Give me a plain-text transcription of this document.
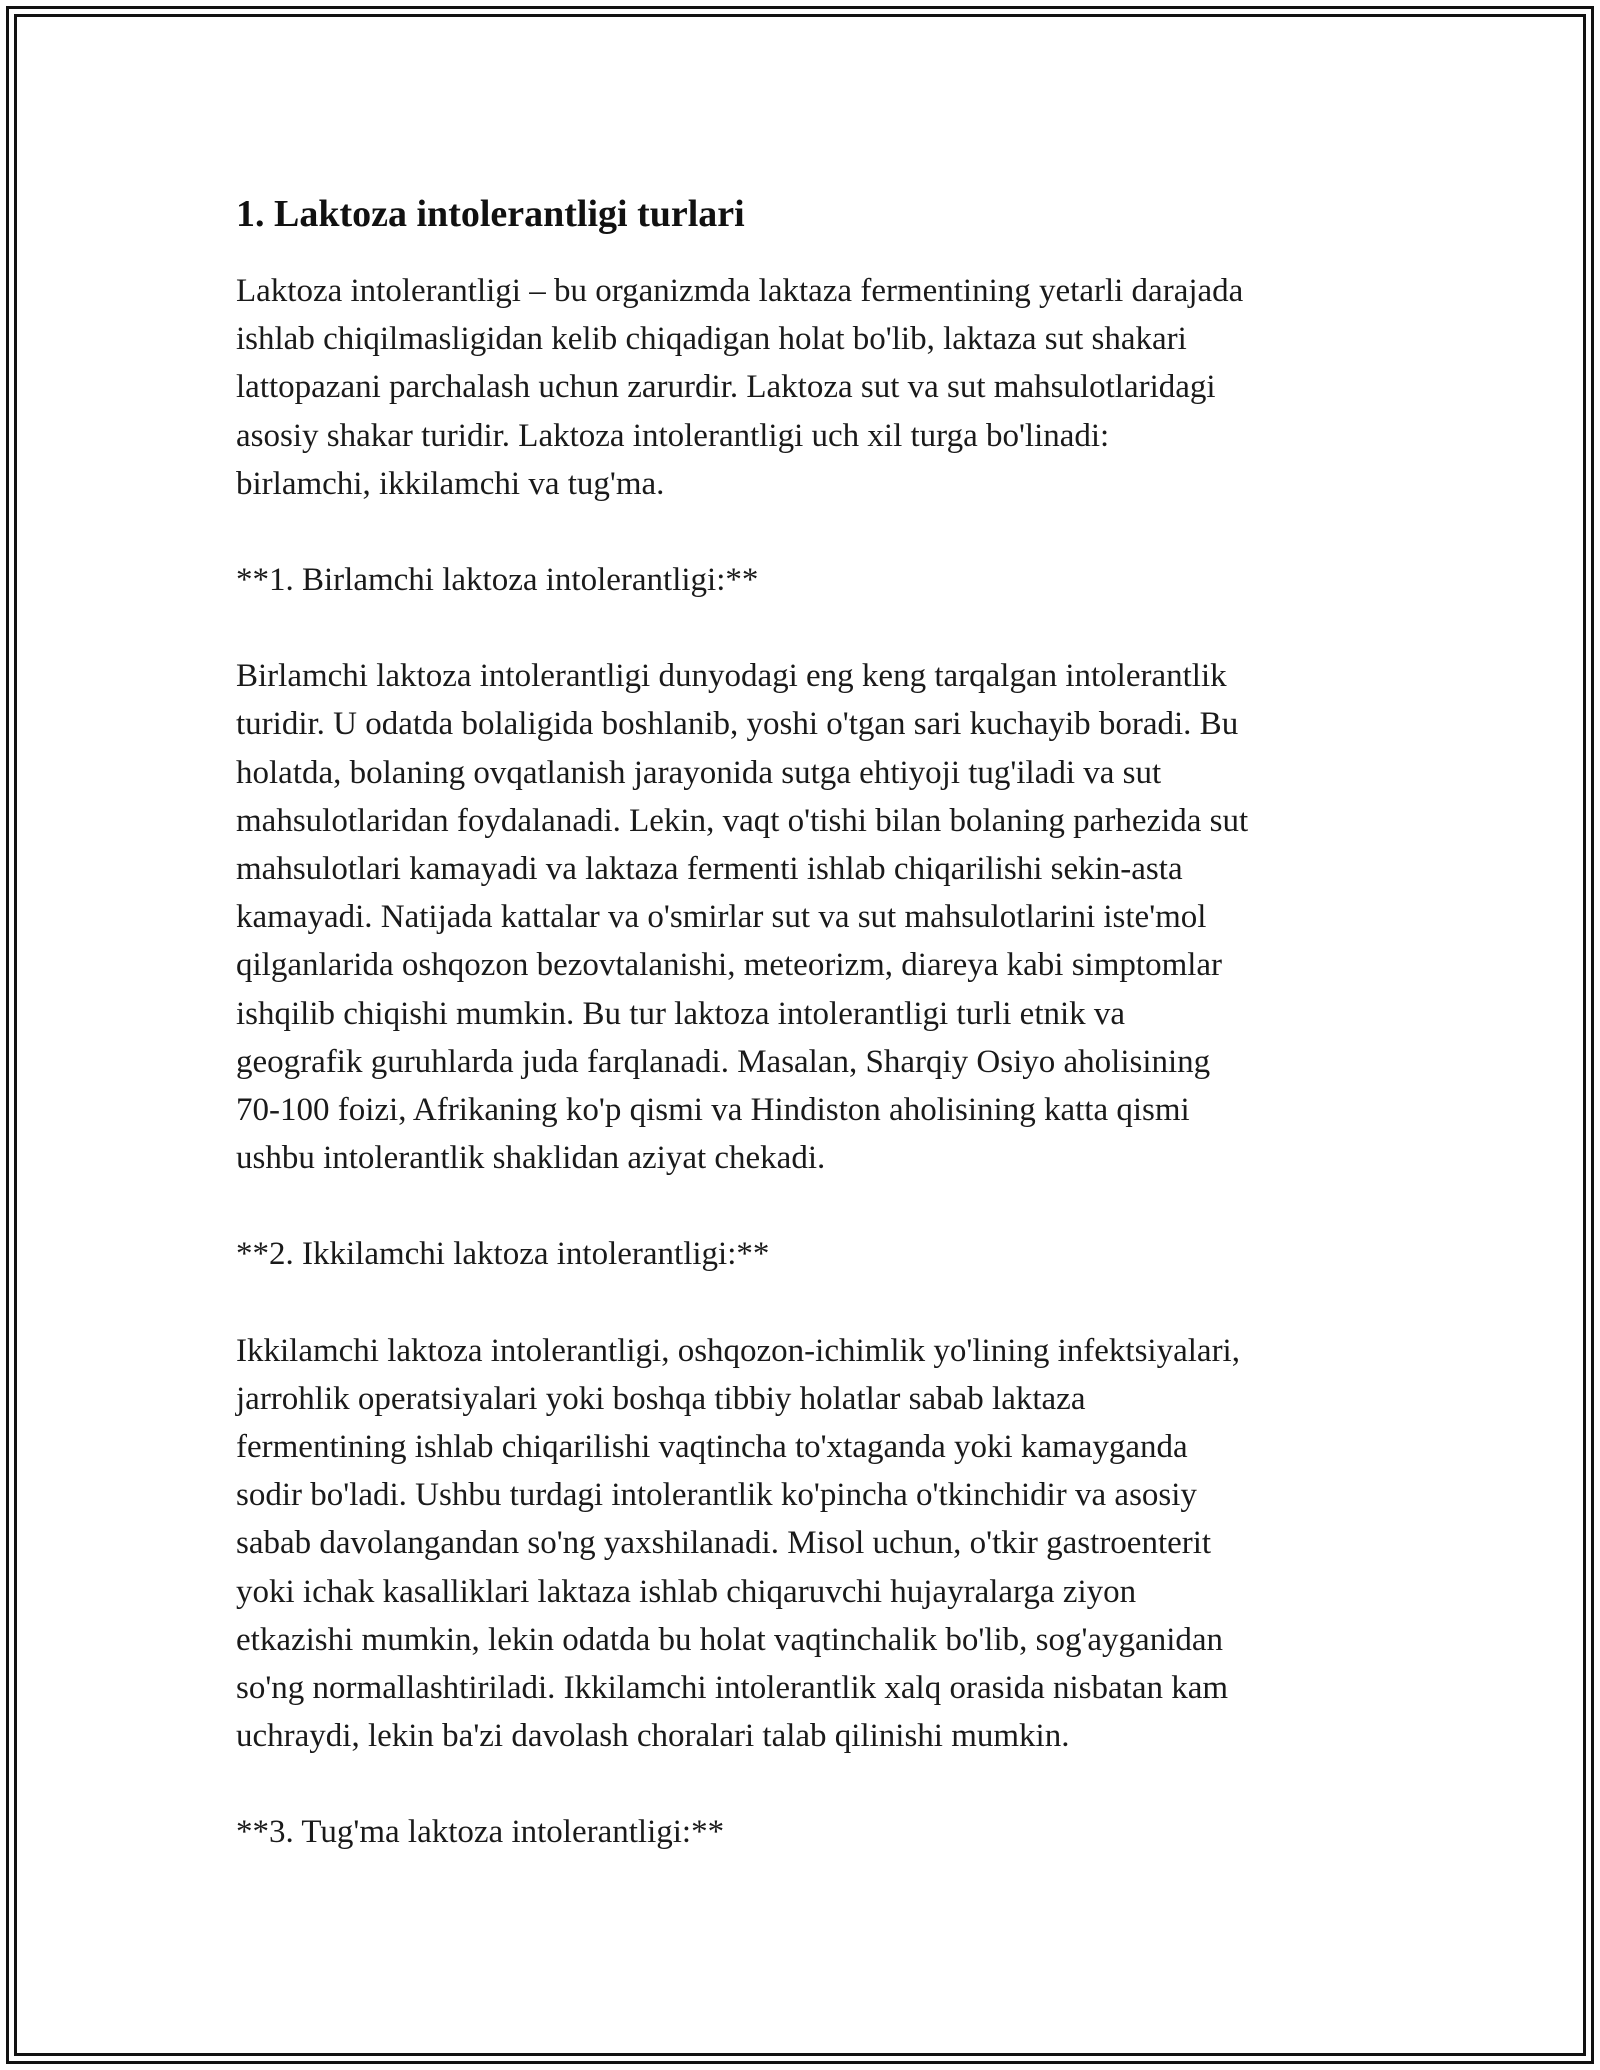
1. Laktoza intolerantligi turlari
Laktoza intolerantligi – bu organizmda laktaza fermentining yetarli darajada
ishlab chiqilmasligidan kelib chiqadigan holat bo'lib, laktaza sut shakari
lattopazani parchalash uchun zarurdir. Laktoza sut va sut mahsulotlaridagi
asosiy shakar turidir. Laktoza intolerantligi uch xil turga bo'linadi:
birlamchi, ikkilamchi va tug'ma.
**1. Birlamchi laktoza intolerantligi:**
Birlamchi laktoza intolerantligi dunyodagi eng keng tarqalgan intolerantlik
turidir. U odatda bolaligida boshlanib, yoshi o'tgan sari kuchayib boradi. Bu
holatda, bolaning ovqatlanish jarayonida sutga ehtiyoji tug'iladi va sut
mahsulotlaridan foydalanadi. Lekin, vaqt o'tishi bilan bolaning parhezida sut
mahsulotlari kamayadi va laktaza fermenti ishlab chiqarilishi sekin-asta
kamayadi. Natijada kattalar va o'smirlar sut va sut mahsulotlarini iste'mol
qilganlarida oshqozon bezovtalanishi, meteorizm, diareya kabi simptomlar
ishqilib chiqishi mumkin. Bu tur laktoza intolerantligi turli etnik va
geografik guruhlarda juda farqlanadi. Masalan, Sharqiy Osiyo aholisining
70-100 foizi, Afrikaning ko'p qismi va Hindiston aholisining katta qismi
ushbu intolerantlik shaklidan aziyat chekadi.
**2. Ikkilamchi laktoza intolerantligi:**
Ikkilamchi laktoza intolerantligi, oshqozon-ichimlik yo'lining infektsiyalari,
jarrohlik operatsiyalari yoki boshqa tibbiy holatlar sabab laktaza
fermentining ishlab chiqarilishi vaqtincha to'xtaganda yoki kamayganda
sodir bo'ladi. Ushbu turdagi intolerantlik ko'pincha o'tkinchidir va asosiy
sabab davolangandan so'ng yaxshilanadi. Misol uchun, o'tkir gastroenterit
yoki ichak kasalliklari laktaza ishlab chiqaruvchi hujayralarga ziyon
etkazishi mumkin, lekin odatda bu holat vaqtinchalik bo'lib, sog'ayganidan
so'ng normallashtiriladi. Ikkilamchi intolerantlik xalq orasida nisbatan kam
uchraydi, lekin ba'zi davolash choralari talab qilinishi mumkin.
**3. Tug'ma laktoza intolerantligi:**
